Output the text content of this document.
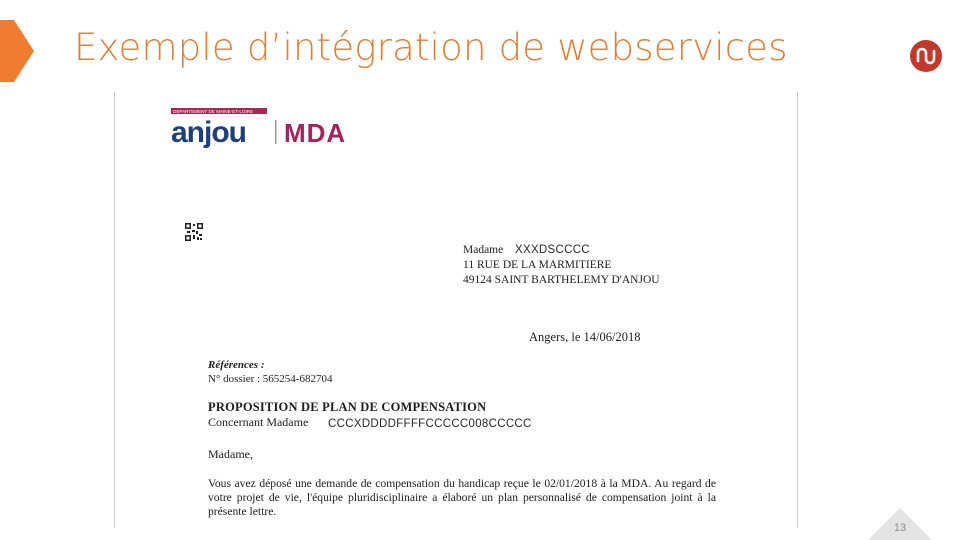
Exemple d’intégration de webservices
DEPARTEMENT DE MAINE-ET-LOIRE
anjou MDA
Madame XXXDSCCCC
11 RUE DE LA MARMITIERE
49124 SAINT BARTHELEMY D'ANJOU
Angers, le 14/06/2018
Références :
N° dossier : 565254-682704
PROPOSITION DE PLAN DE COMPENSATION
Concernant Madame CCCXDDDDFFFFCCCCC008CCCCC
Madame,
Vous avez déposé une demande de compensation du handicap reçue le 02/01/2018 à la MDA. Au regard de votre projet de vie, l'équipe pluridisciplinaire a élaboré un plan personnalisé de compensation joint à la présente lettre.
13
